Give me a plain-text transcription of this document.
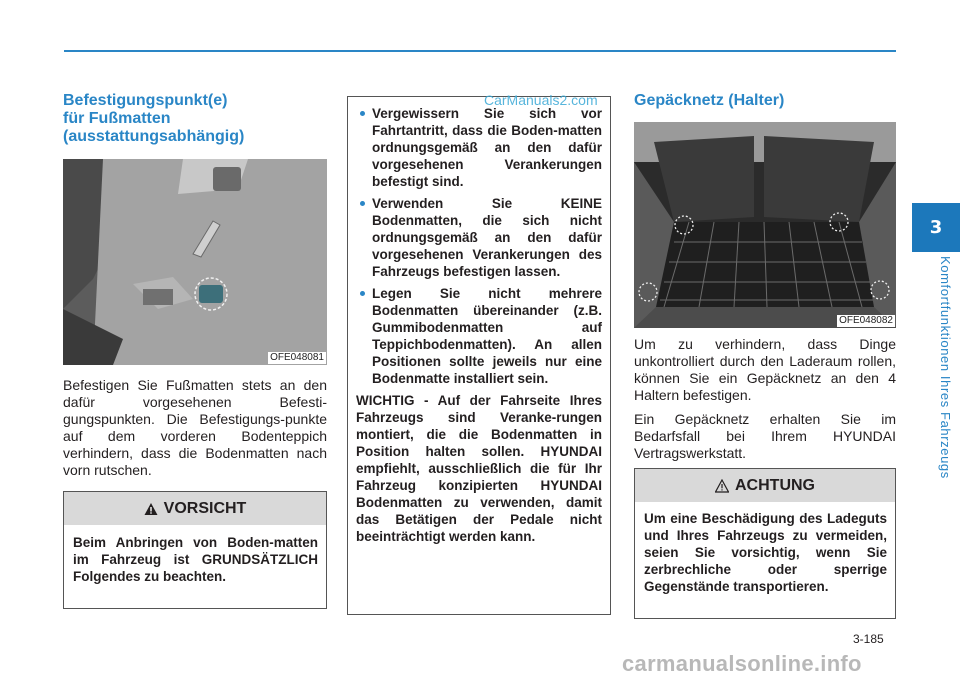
3
Komfortfunktionen Ihres Fahrzeugs
Befestigungspunkt(e)
für Fußmatten
(ausstattungsabhängig)
OFE048081

Befestigen Sie Fußmatten stets an den dafür vorgesehenen Befesti-gungspunkten. Die Befestigungs-punkte auf dem vorderen Bodenteppich verhindern, dass die Bodenmatten nach vorn rutschen.

VORSICHT
Beim Anbringen von Boden-matten im Fahrzeug ist GRUNDSÄTZLICH Folgendes zu beachten.
Vergewissern Sie sich vor Fahrtantritt, dass die Boden-matten ordnungsgemäß an den dafür vorgesehenen Verankerungen befestigt sind.
Verwenden Sie KEINE Bodenmatten, die sich nicht ordnungsgemäß an den dafür vorgesehenen Verankerungen des Fahrzeugs befestigen lassen.
Legen Sie nicht mehrere Bodenmatten übereinander (z.B. Gummibodenmatten auf Teppichbodenmatten). An allen Positionen sollte jeweils nur eine Bodenmatte installiert sein.

WICHTIG - Auf der Fahrseite Ihres Fahrzeugs sind Veranke-rungen montiert, die die Bodenmatten in Position halten sollen. HYUNDAI empfiehlt, ausschließlich die für Ihr Fahrzeug konzipierten HYUNDAI Bodenmatten zu verwenden, damit das Betätigen der Pedale nicht beeinträchtigt werden kann.

Gepäcknetz (Halter)
OFE048082

Um zu verhindern, dass Dinge unkontrolliert durch den Laderaum rollen, können Sie ein Gepäcknetz an den 4 Haltern befestigen.

Ein Gepäcknetz erhalten Sie im Bedarfsfall bei Ihrem HYUNDAI Vertragswerkstatt.

ACHTUNG
Um eine Beschädigung des Ladeguts und Ihres Fahrzeugs zu vermeiden, seien Sie vorsichtig, wenn Sie zerbrechliche oder sperrige Gegenstände transportieren.
3-185
CarManuals2.com
carmanualsonline.info
